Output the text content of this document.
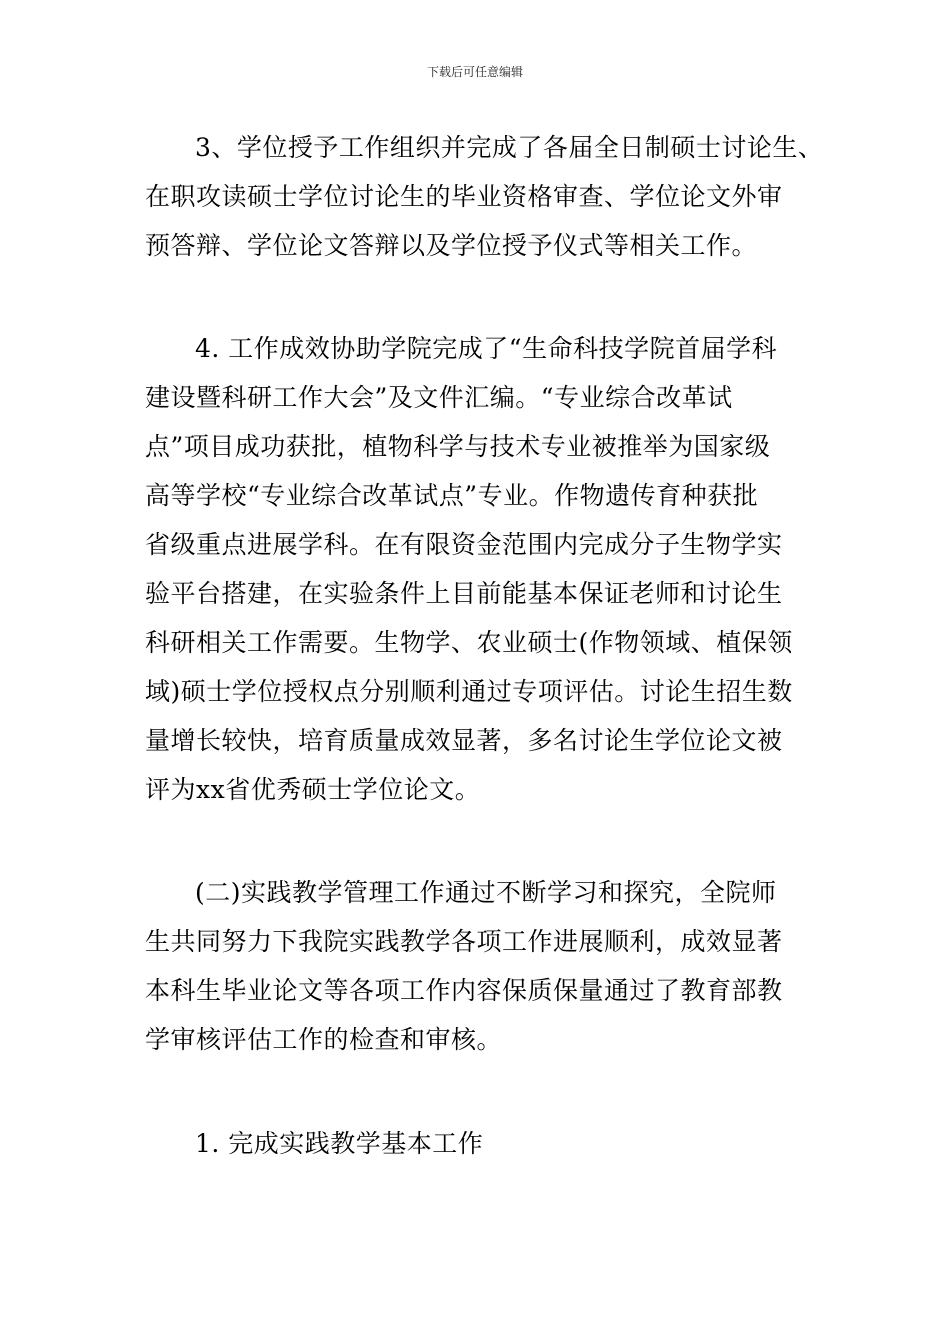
下载后可任意编辑
3、学位授予工作组织并完成了各届全日制硕士讨论生、
在职攻读硕士学位讨论生的毕业资格审查、学位论文外审
预答辩、学位论文答辩以及学位授予仪式等相关工作。
4. 工作成效协助学院完成了“生命科技学院首届学科
建设暨科研工作大会”及文件汇编。“专业综合改革试
点”项目成功获批，植物科学与技术专业被推举为国家级
高等学校“专业综合改革试点”专业。作物遗传育种获批
省级重点进展学科。在有限资金范围内完成分子生物学实
验平台搭建，在实验条件上目前能基本保证老师和讨论生
科研相关工作需要。生物学、农业硕士(作物领域、植保领
域)硕士学位授权点分别顺利通过专项评估。讨论生招生数
量增长较快，培育质量成效显著，多名讨论生学位论文被
评为xx省优秀硕士学位论文。
(二)实践教学管理工作通过不断学习和探究，全院师
生共同努力下我院实践教学各项工作进展顺利，成效显著
本科生毕业论文等各项工作内容保质保量通过了教育部教
学审核评估工作的检查和审核。
1. 完成实践教学基本工作
